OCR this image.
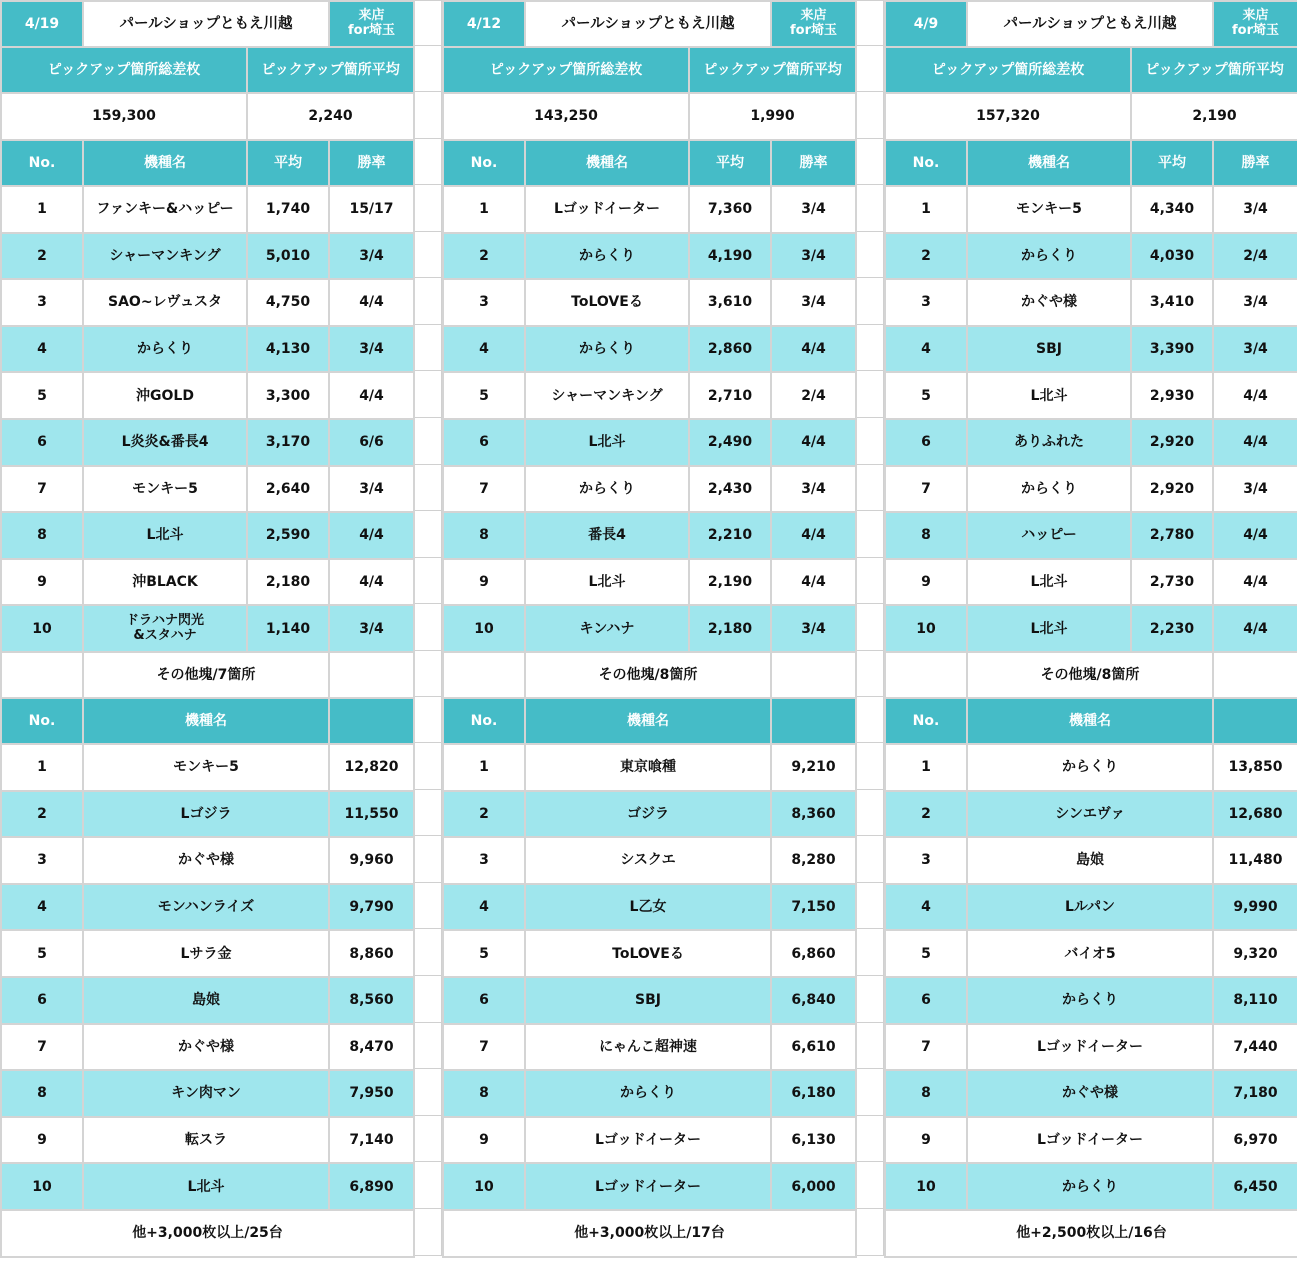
4/19	パールショップともえ川越		来店
for埼玉

ピックアップ箇所総差枚		ピックアップ箇所平均	
159,300		2,240	
No.	機種名	平均	勝率
1	ファンキー&ハッピー	1,740	15/17
2	シャーマンキング	5,010	3/4
3	SAO~レヴュスタ	4,750	4/4
4	からくり	4,130	3/4
5	沖GOLD	3,300	4/4
6	L炎炎&番長4	3,170	6/6
7	モンキー5	2,640	3/4
8	L北斗	2,590	4/4
9	沖BLACK	2,180	4/4
10	ドラハナ閃光
&スタハナ	1,140	3/4
	その他塊/7箇所		
No.	機種名		
1	モンキー5		12,820
2	Lゴジラ		11,550
3	かぐや様		9,960
4	モンハンライズ		9,790
5	Lサラ金		8,860
6	島娘		8,560
7	かぐや様		8,470
8	キン肉マン		7,950
9	転スラ		7,140
10	L北斗		6,890
他+3,000枚以上/25台			
4/12	パールショップともえ川越		来店
for埼玉

ピックアップ箇所総差枚		ピックアップ箇所平均	
143,250		1,990	
No.	機種名	平均	勝率
1	Lゴッドイーター	7,360	3/4
2	からくり	4,190	3/4
3	ToLOVEる	3,610	3/4
4	からくり	2,860	4/4
5	シャーマンキング	2,710	2/4
6	L北斗	2,490	4/4
7	からくり	2,430	3/4
8	番長4	2,210	4/4
9	L北斗	2,190	4/4
10	キンハナ	2,180	3/4
	その他塊/8箇所		
No.	機種名		
1	東京喰種		9,210
2	ゴジラ		8,360
3	シスクエ		8,280
4	L乙女		7,150
5	ToLOVEる		6,860
6	SBJ		6,840
7	にゃんこ超神速		6,610
8	からくり		6,180
9	Lゴッドイーター		6,130
10	Lゴッドイーター		6,000
他+3,000枚以上/17台			
4/9	パールショップともえ川越		来店
for埼玉

ピックアップ箇所総差枚		ピックアップ箇所平均	
157,320		2,190	
No.	機種名	平均	勝率
1	モンキー5	4,340	3/4
2	からくり	4,030	2/4
3	かぐや様	3,410	3/4
4	SBJ	3,390	3/4
5	L北斗	2,930	4/4
6	ありふれた	2,920	4/4
7	からくり	2,920	3/4
8	ハッピー	2,780	4/4
9	L北斗	2,730	4/4
10	L北斗	2,230	4/4
	その他塊/8箇所		
No.	機種名		
1	からくり		13,850
2	シンエヴァ		12,680
3	島娘		11,480
4	Lルパン		9,990
5	バイオ5		9,320
6	からくり		8,110
7	Lゴッドイーター		7,440
8	かぐや様		7,180
9	Lゴッドイーター		6,970
10	からくり		6,450
他+2,500枚以上/16台			
